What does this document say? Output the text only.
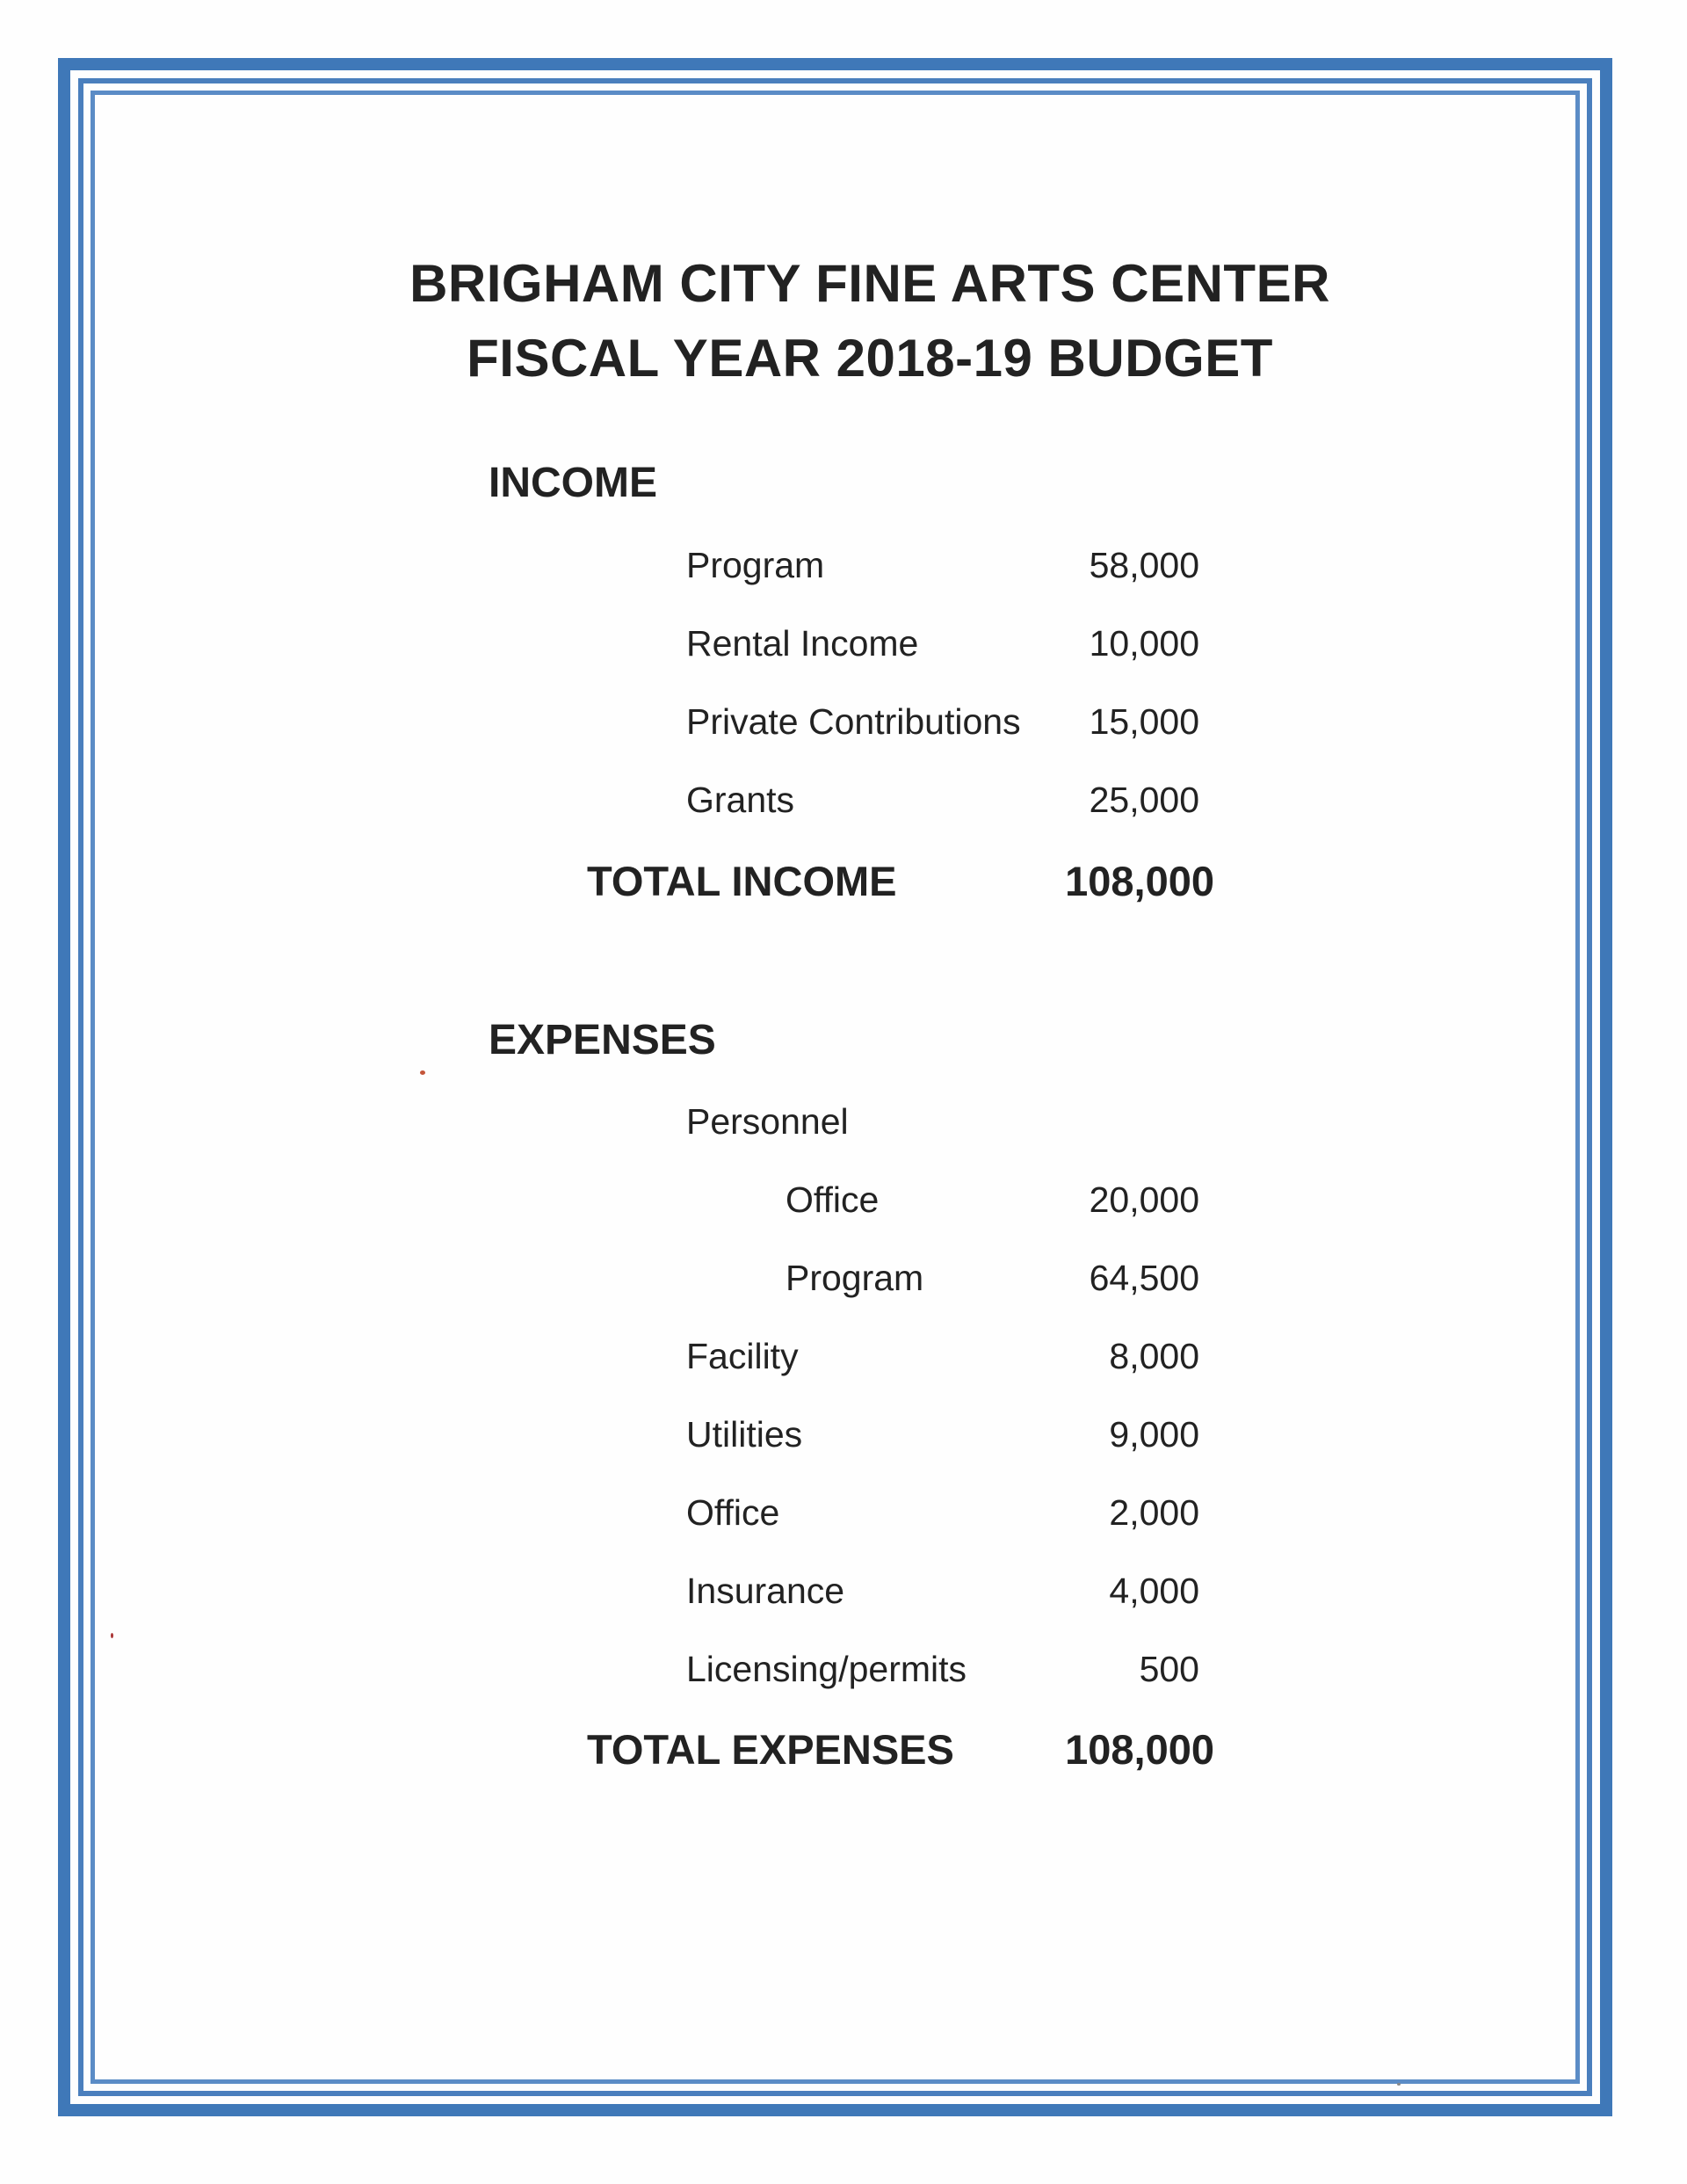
BRIGHAM CITY FINE ARTS CENTER
FISCAL YEAR 2018-19 BUDGET
INCOME
Program	58,000
Rental Income	10,000
Private Contributions 15,000
Grants	25,000
TOTAL INCOME	108,000
EXPENSES
Personnel
Office	20,000
Program	64,500
Facility	8,000
Utilities	9,000
Office	2,000
Insurance	4,000
Licensing/permits	500
TOTAL EXPENSES	108,000
